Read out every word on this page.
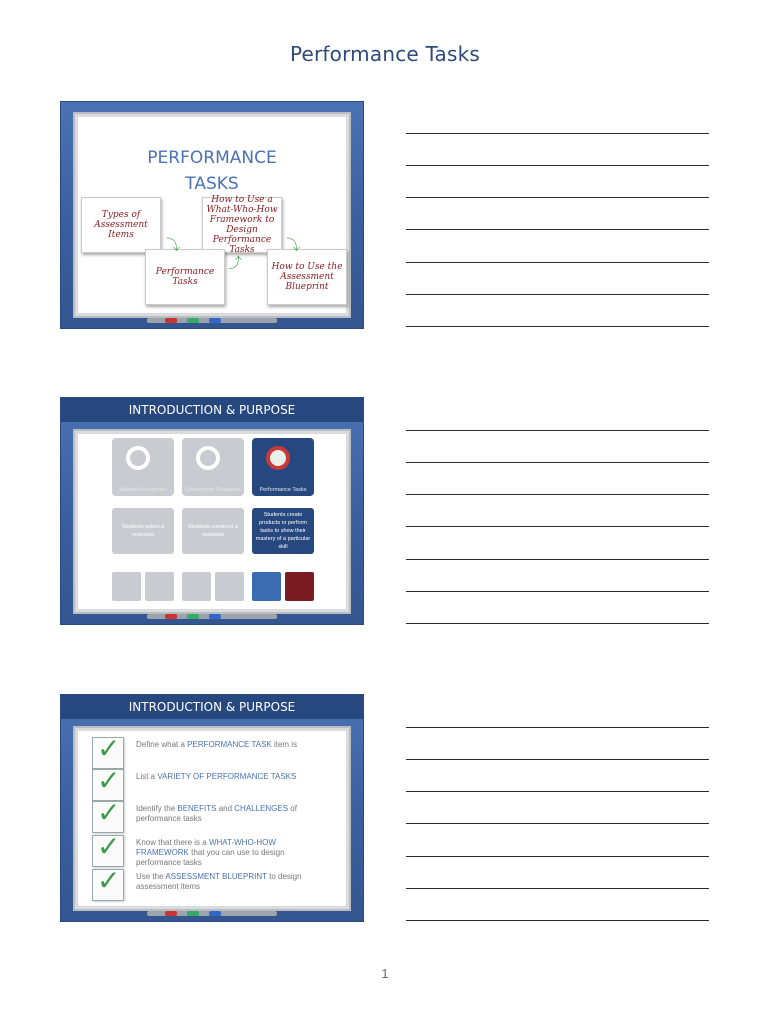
Performance Tasks
PERFORMANCE
TASKS
Types of Assessment Items
How to Use a What-Who-How Framework to Design Performance Tasks
Performance Tasks
How to Use the Assessment Blueprint
⤵
⤴
⤵
INTRODUCTION & PURPOSE
Selected Response	Constructed Response	Performance Tasks
Students select a response
Students construct a response
Students create products or perform tasks to show their mastery of a particular skill
INTRODUCTION & PURPOSE
✓ Define what a PERFORMANCE TASK item is
✓ List a VARIETY OF PERFORMANCE TASKS
✓ Identify the BENEFITS and CHALLENGES of performance tasks
✓ Know that there is a WHAT-WHO-HOW FRAMEWORK that you can use to design performance tasks
✓ Use the ASSESSMENT BLUEPRINT to design assessment items
1
